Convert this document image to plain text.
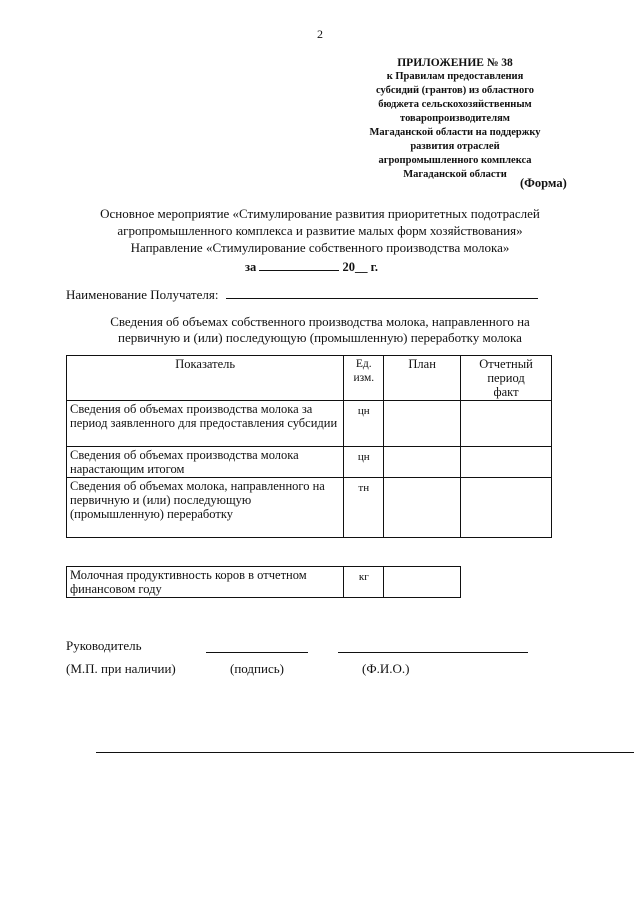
2
ПРИЛОЖЕНИЕ № 38
к Правилам предоставления
субсидий (грантов) из областного
бюджета сельскохозяйственным
товаропроизводителям
Магаданской области на поддержку
развития отраслей
агропромышленного комплекса
Магаданской области
(Форма)
Основное мероприятие «Стимулирование развития приоритетных подотраслей
агропромышленного комплекса и развитие малых форм хозяйствования»
Направление «Стимулирование собственного производства молока»
за	20__ г.
Наименование Получателя:
Сведения об объемах собственного производства молока, направленного на
первичную и (или) последующую (промышленную) переработку молока
Показатель	Ед. изм.	План	Отчетный
период
факт

Сведения об объемах производства молока за период заявленного для предоставления субсидии	цн		
Сведения об объемах производства молока нарастающим итогом	цн		
Сведения об объемах молока, направленного на первичную и (или) последующую (промышленную) переработку	тн		
Молочная продуктивность коров в отчетном финансовом году	кг	
Руководитель
(М.П. при наличии)	(подпись)	(Ф.И.О.)
